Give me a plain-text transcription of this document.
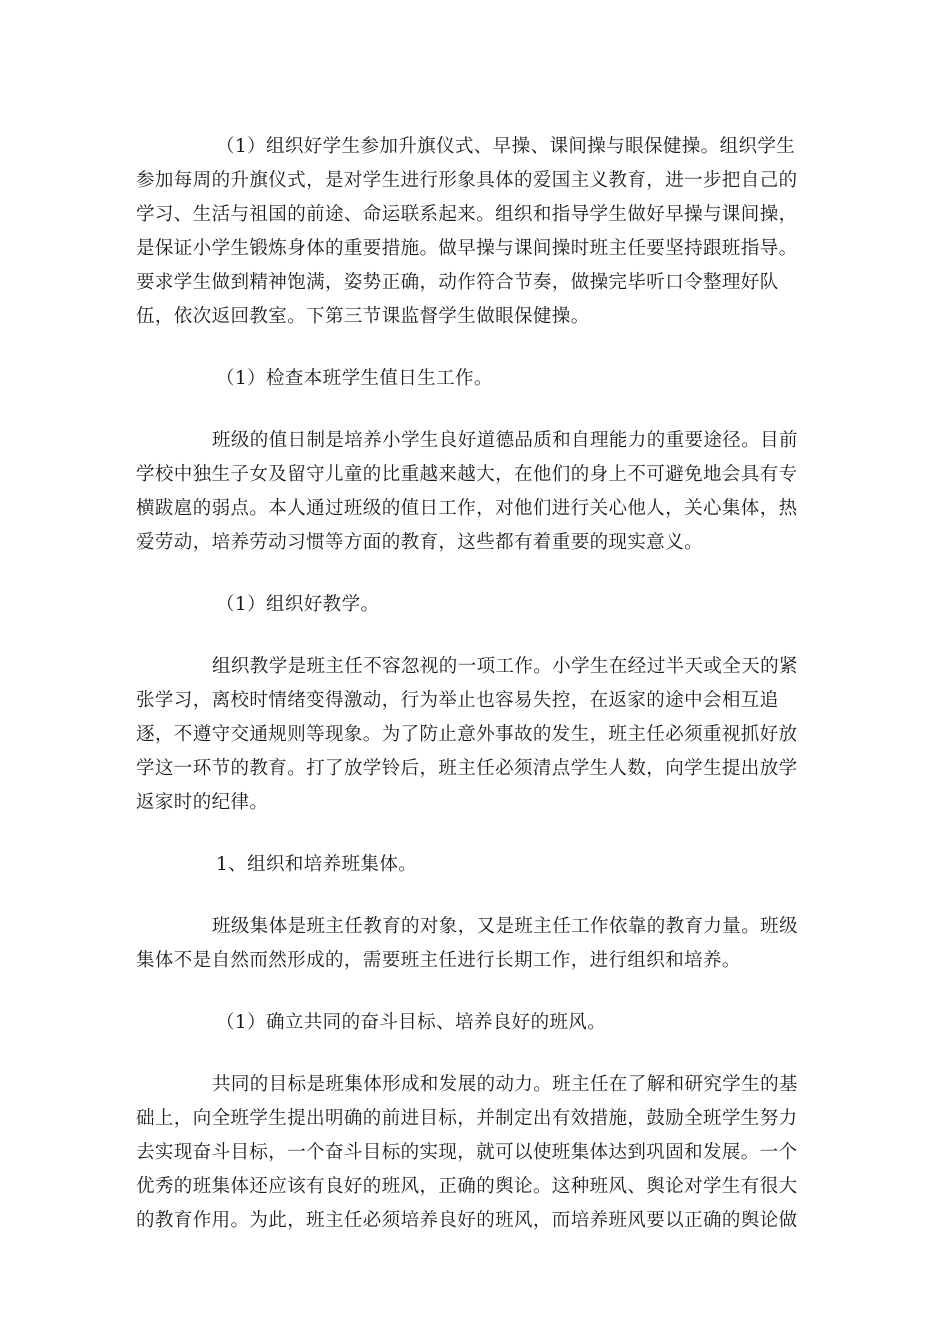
（1）组织好学生参加升旗仪式、早操、课间操与眼保健操。组织学生参加每周的升旗仪式，是对学生进行形象具体的爱国主义教育，进一步把自己的学习、生活与祖国的前途、命运联系起来。组织和指导学生做好早操与课间操，是保证小学生锻炼身体的重要措施。做早操与课间操时班主任要坚持跟班指导。要求学生做到精神饱满，姿势正确，动作符合节奏，做操完毕听口令整理好队伍，依次返回教室。下第三节课监督学生做眼保健操。

（1）检查本班学生值日生工作。

班级的值日制是培养小学生良好道德品质和自理能力的重要途径。目前学校中独生子女及留守儿童的比重越来越大，在他们的身上不可避免地会具有专横跋扈的弱点。本人通过班级的值日工作，对他们进行关心他人，关心集体，热爱劳动，培养劳动习惯等方面的教育，这些都有着重要的现实意义。

（1）组织好教学。

组织教学是班主任不容忽视的一项工作。小学生在经过半天或全天的紧张学习，离校时情绪变得激动，行为举止也容易失控，在返家的途中会相互追逐，不遵守交通规则等现象。为了防止意外事故的发生，班主任必须重视抓好放学这一环节的教育。打了放学铃后，班主任必须清点学生人数，向学生提出放学返家时的纪律。

1、组织和培养班集体。

班级集体是班主任教育的对象，又是班主任工作依靠的教育力量。班级集体不是自然而然形成的，需要班主任进行长期工作，进行组织和培养。

（1）确立共同的奋斗目标、培养良好的班风。

共同的目标是班集体形成和发展的动力。班主任在了解和研究学生的基础上，向全班学生提出明确的前进目标，并制定出有效措施，鼓励全班学生努力去实现奋斗目标，一个奋斗目标的实现，就可以使班集体达到巩固和发展。一个优秀的班集体还应该有良好的班风，正确的舆论。这种班风、舆论对学生有很大的教育作用。为此，班主任必须培养良好的班风，而培养班风要以正确的舆论做
